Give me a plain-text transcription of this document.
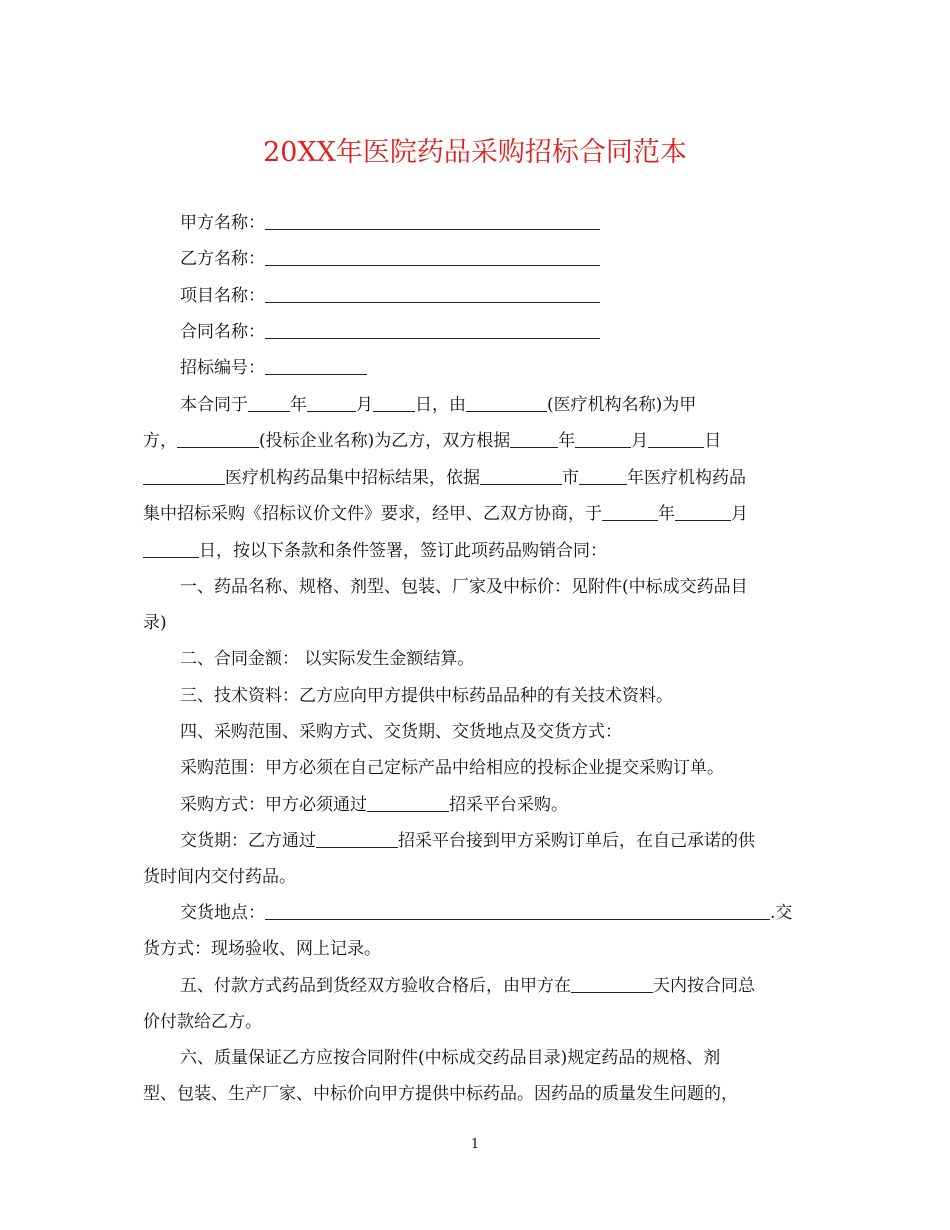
20XX年医院药品采购招标合同范本
甲方名称：
乙方名称：
项目名称：
合同名称：
招标编号：
本合同于 年	月 日，由	(医疗机构名称)为甲
方，	(投标企业名称)为乙方，双方根据	年	月	日
医疗机构药品集中招标结果，依据	市	年医疗机构药品
集中招标采购《招标议价文件》要求，经甲、乙双方协商，于	年	月
日，按以下条款和条件签署，签订此项药品购销合同：
一、药品名称、规格、剂型、包装、厂家及中标价：见附件(中标成交药品目
录)
二、合同金额： 以实际发生金额结算。
三、技术资料：乙方应向甲方提供中标药品品种的有关技术资料。
四、采购范围、采购方式、交货期、交货地点及交货方式：
采购范围：甲方必须在自己定标产品中给相应的投标企业提交采购订单。
采购方式：甲方必须通过	招采平台采购。
交货期：乙方通过	招采平台接到甲方采购订单后，在自己承诺的供
货时间内交付药品。
交货地点：	.交
货方式：现场验收、网上记录。
五、付款方式药品到货经双方验收合格后，由甲方在	天内按合同总
价付款给乙方。
六、质量保证乙方应按合同附件(中标成交药品目录)规定药品的规格、剂
型、包装、生产厂家、中标价向甲方提供中标药品。因药品的质量发生问题的，
1
